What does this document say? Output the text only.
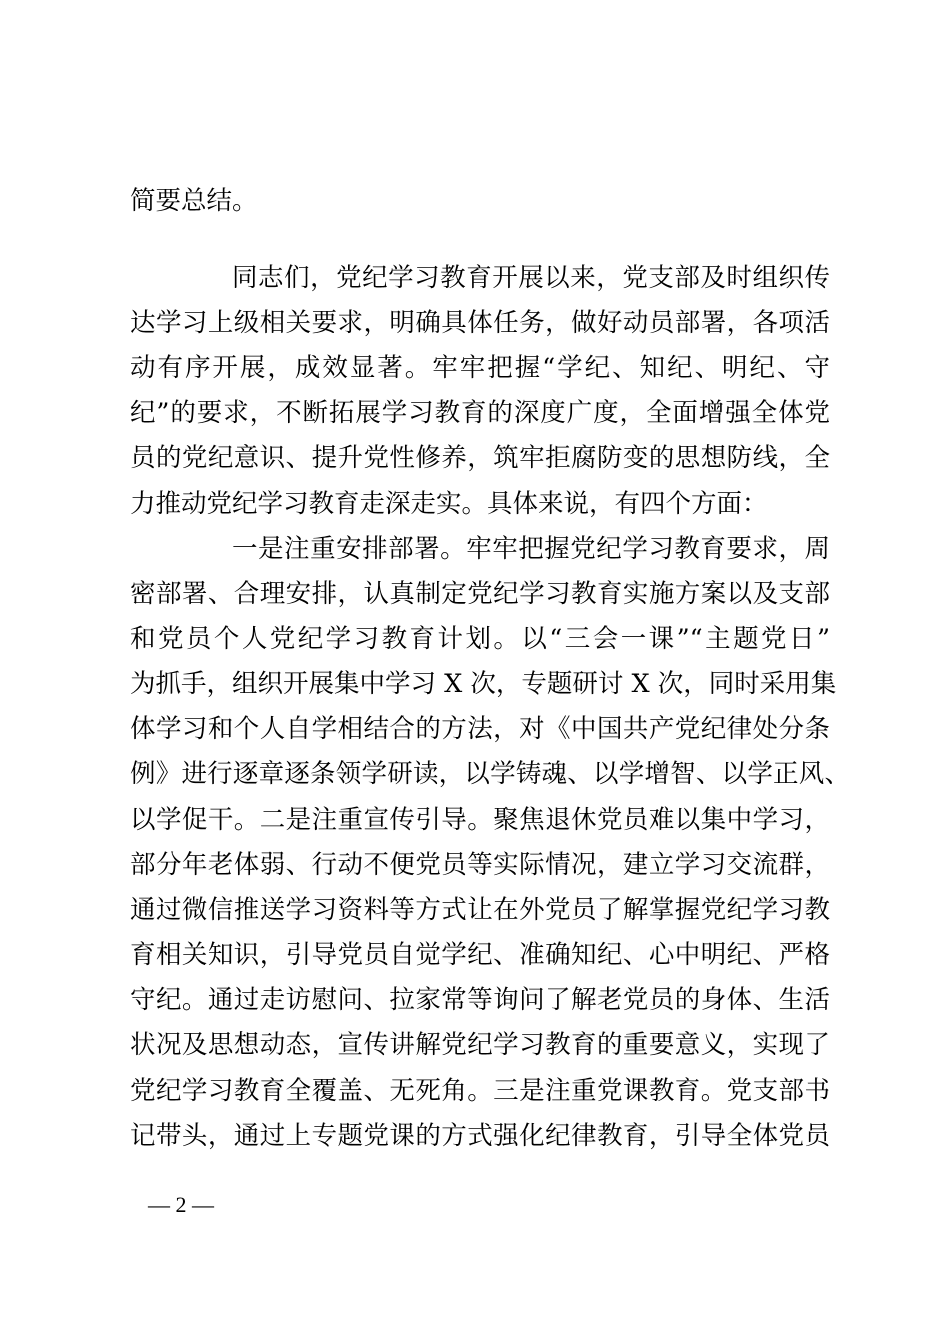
简要总结。
同志们，党纪学习教育开展以来，党支部及时组织传
达学习上级相关要求，明确具体任务，做好动员部署，各项活
动有序开展，成效显著。牢牢把握“学纪、知纪、明纪、守
纪”的要求，不断拓展学习教育的深度广度，全面增强全体党
员的党纪意识、提升党性修养，筑牢拒腐防变的思想防线，全
力推动党纪学习教育走深走实。具体来说，有四个方面：
一是注重安排部署。牢牢把握党纪学习教育要求，周
密部署、合理安排，认真制定党纪学习教育实施方案以及支部
和党员个人党纪学习教育计划。以“三会一课”“主题党日”
为抓手，组织开展集中学习 X 次，专题研讨 X 次，同时采用集
体学习和个人自学相结合的方法，对《中国共产党纪律处分条
例》进行逐章逐条领学研读，以学铸魂、以学增智、以学正风、
以学促干。二是注重宣传引导。聚焦退休党员难以集中学习，
部分年老体弱、行动不便党员等实际情况，建立学习交流群，
通过微信推送学习资料等方式让在外党员了解掌握党纪学习教
育相关知识，引导党员自觉学纪、准确知纪、心中明纪、严格
守纪。通过走访慰问、拉家常等询问了解老党员的身体、生活
状况及思想动态，宣传讲解党纪学习教育的重要意义，实现了
党纪学习教育全覆盖、无死角。三是注重党课教育。党支部书
记带头，通过上专题党课的方式强化纪律教育，引导全体党员
— 2 —
